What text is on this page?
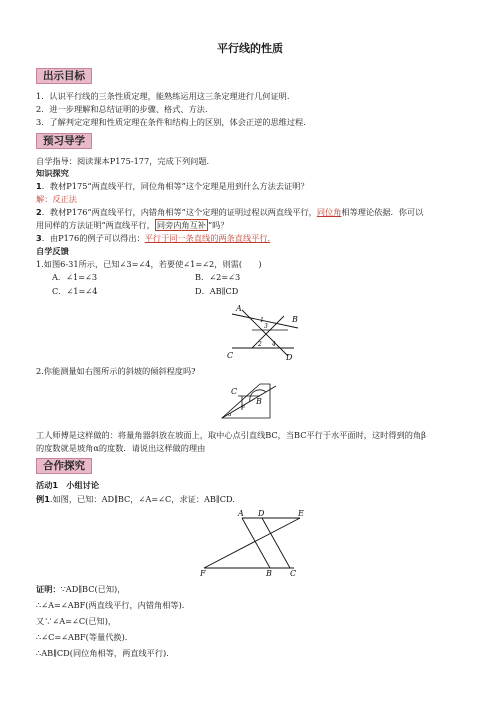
平行线的性质
出示目标
1．认识平行线的三条性质定理，能熟练运用这三条定理进行几何证明.
2．进一步理解和总结证明的步骤、格式、方法.
3．了解判定定理和性质定理在条件和结构上的区别，体会正逆的思维过程.
预习导学
自学指导：阅读课本P175-177，完成下列问题.
知识探究
1．教材P175“两直线平行，同位角相等”这个定理是用到什么方法去证明？
解：反正法
2．教材P176“两直线平行，内错角相等”这个定理的证明过程以两直线平行，同位角相等理论依据．你可以
用同样的方法证明“两直线平行， 同旁内角互补 ”吗？
3．由P176的例子可以得出：平行于同一条直线的两条直线平行.
自学反馈
1.如图6-31所示，已知∠3=∠4，若要使∠1=∠2，则需(　　)
A．∠1=∠3	B．∠2=∠3
C．∠1=∠4	D．AB∥CD
A
B
C	D
1
2
3
4
2.你能测量如右图所示的斜坡的倾斜程度吗?
C
B
α
β
工人师傅是这样做的：将量角器斜放在坡面上，取中心点引直线BC，当BC平行于水平面时，这时得到的角β
的度数就是坡角α的度数．请说出这样做的理由
合作探究
活动1　小组讨论
例1.如图，已知：AD∥BC，∠A=∠C，求证：AB∥CD.
A D	E
F	B C
证明：∵AD∥BC(已知)，
∴∠A=∠ABF(两直线平行，内错角相等).
又∵∠A=∠C(已知)，
∴∠C=∠ABF(等量代换).
∴AB∥CD(同位角相等，两直线平行).
